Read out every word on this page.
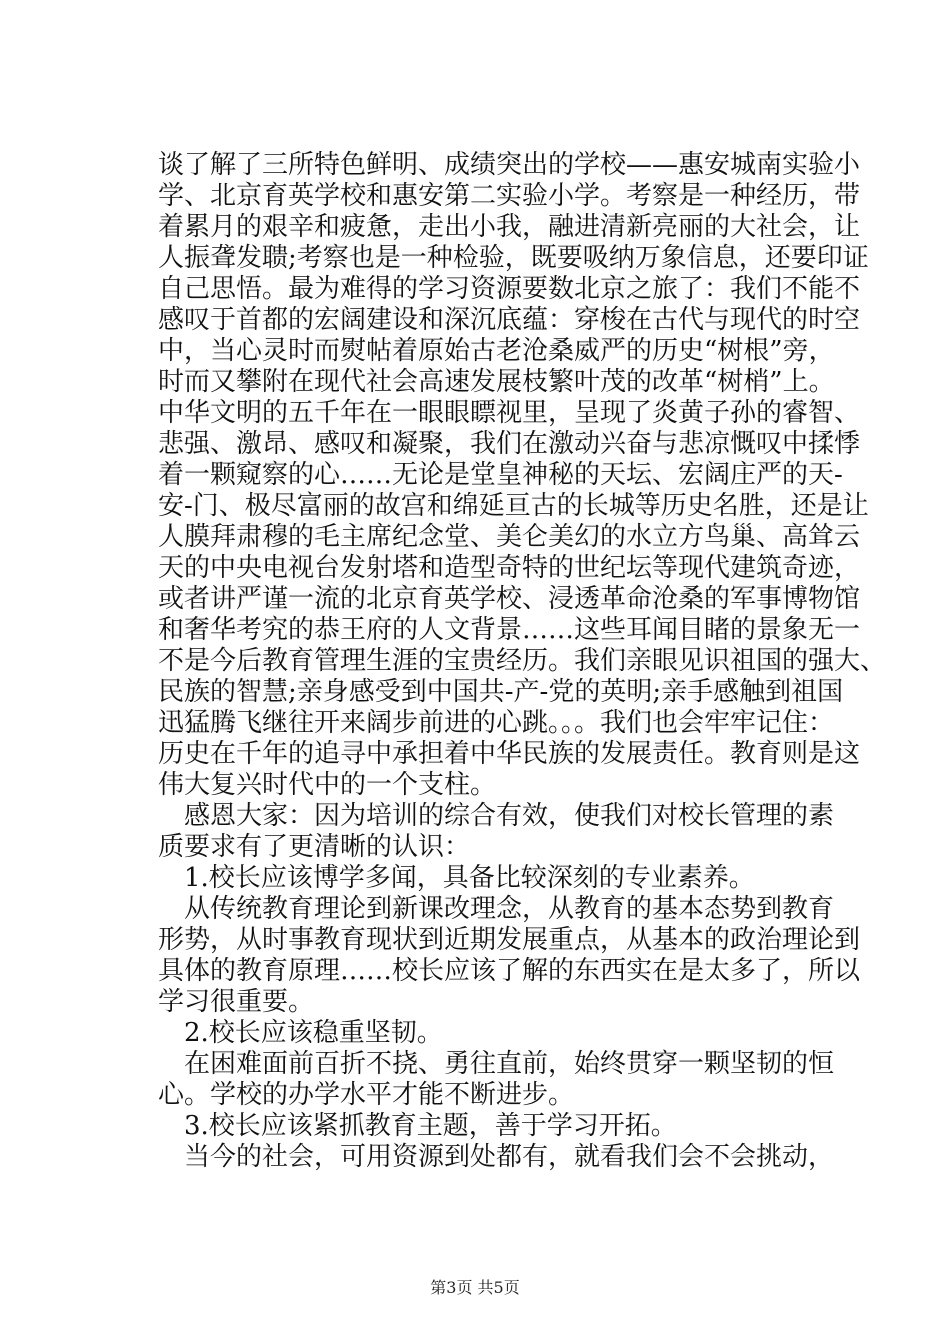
谈了解了三所特色鲜明、成绩突出的学校——惠安城南实验小
学、北京育英学校和惠安第二实验小学。考察是一种经历，带
着累月的艰辛和疲惫，走出小我，融进清新亮丽的大社会，让
人振聋发聩;考察也是一种检验，既要吸纳万象信息，还要印证
自己思悟。最为难得的学习资源要数北京之旅了：我们不能不
感叹于首都的宏阔建设和深沉底蕴：穿梭在古代与现代的时空
中，当心灵时而熨帖着原始古老沧桑威严的历史“树根”旁，
时而又攀附在现代社会高速发展枝繁叶茂的改革“树梢”上。
中华文明的五千年在一眼眼瞟视里，呈现了炎黄子孙的睿智、
悲强、激昂、感叹和凝聚，我们在激动兴奋与悲凉慨叹中揉悸
着一颗窥察的心……无论是堂皇神秘的天坛、宏阔庄严的天-
安-门、极尽富丽的故宫和绵延亘古的长城等历史名胜，还是让
人膜拜肃穆的毛主席纪念堂、美仑美幻的水立方鸟巢、高耸云
天的中央电视台发射塔和造型奇特的世纪坛等现代建筑奇迹，
或者讲严谨一流的北京育英学校、浸透革命沧桑的军事博物馆
和奢华考究的恭王府的人文背景……这些耳闻目睹的景象无一
不是今后教育管理生涯的宝贵经历。我们亲眼见识祖国的强大、
民族的智慧;亲身感受到中国共-产-党的英明;亲手感触到祖国
迅猛腾飞继往开来阔步前进的心跳。。。我们也会牢牢记住：
历史在千年的追寻中承担着中华民族的发展责任。教育则是这
伟大复兴时代中的一个支柱。
　感恩大家：因为培训的综合有效，使我们对校长管理的素
质要求有了更清晰的认识：
　1.校长应该博学多闻，具备比较深刻的专业素养。
　从传统教育理论到新课改理念，从教育的基本态势到教育
形势，从时事教育现状到近期发展重点，从基本的政治理论到
具体的教育原理……校长应该了解的东西实在是太多了，所以
学习很重要。
　2.校长应该稳重坚韧。
　在困难面前百折不挠、勇往直前，始终贯穿一颗坚韧的恒
心。学校的办学水平才能不断进步。
　3.校长应该紧抓教育主题，善于学习开拓。
　当今的社会，可用资源到处都有，就看我们会不会挑动，
第3页 共5页
